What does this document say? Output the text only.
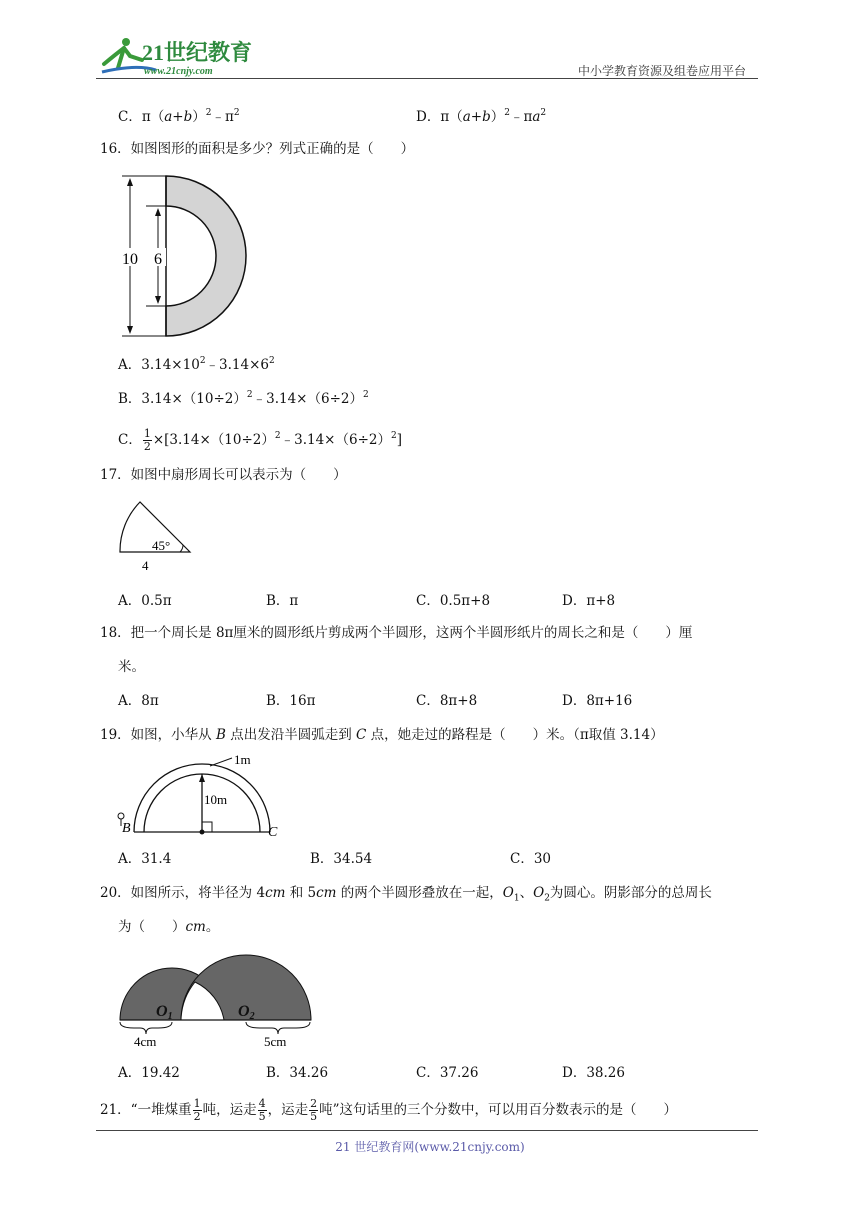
21世纪教育
www.21cnjy.com	中小学教育资源及组卷应用平台
C．$\pi(a+b)^2﹣\pi^2$	D．$\pi(a+b)^2﹣\pi a^2$
16．如图图形的面积是多少？列式正确的是（　　）
10 6
A．$3.14\times 10^2﹣3.14\times 6^2$
B．$3.14\times(10\div 2)^2﹣3.14\times(6\div 2)^2$
C． $\frac{1}{2}$ $\times[3.14\times(10\div 2)^2﹣3.14\times(6\div 2)^2]$
17．如图中扇形周长可以表示为（　　）
45°
4
A．0.5π	B．π	C．0.5π+8	D．π+8
18．把一个周长是 8π厘米的圆形纸片剪成两个半圆形，这两个半圆形纸片的周长之和是（　　）厘
米。
A．8π	B．16π	C．8π+8	D．8π+16
19．如图，小华从 B 点出发沿半圆弧走到 C 点，她走过的路程是（　　）米。（π取值 3.14）
1m
10m
B	C
A．31.4	B．34.54	C．30
20．如图所示，将半径为 4cm 和 5cm 的两个半圆形叠放在一起，$O_1$、$O_2$为圆心。阴影部分的总周长
为（　　）cm。
O1	O2
4cm	5cm
A．19.42	B．34.26	C．37.26	D．38.26
21．“一堆煤重 $\frac{1}{2}$ 吨，运走 $\frac{4}{5}$ ，运走 $\frac{2}{5}$ 吨”这句话里的三个分数中，可以用百分数表示的是（　　）
21 世纪教育网(www.21cnjy.com)
